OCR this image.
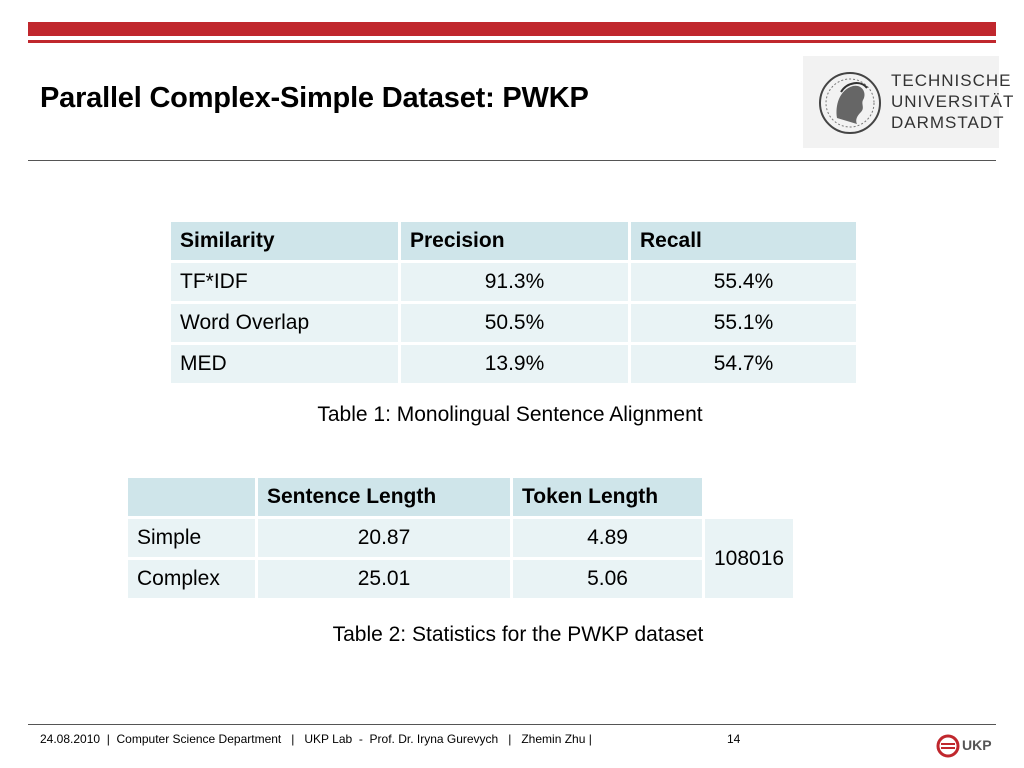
Parallel Complex-Simple Dataset: PWKP
TECHNISCHE
UNIVERSITÄT
DARMSTADT
Similarity	Precision	Recall
TF*IDF	91.3%	55.4%
Word Overlap	50.5%	55.1%
MED	13.9%	54.7%
Table 1: Monolingual Sentence Alignment
	Sentence Length	Token Length	
Simple	20.87	4.89	108016
Complex	25.01	5.06	
Table 2: Statistics for the PWKP dataset
24.08.2010  |  Computer Science Department   |   UKP Lab  -  Prof. Dr. Iryna Gurevych   |   Zhemin Zhu |	14	UKP
